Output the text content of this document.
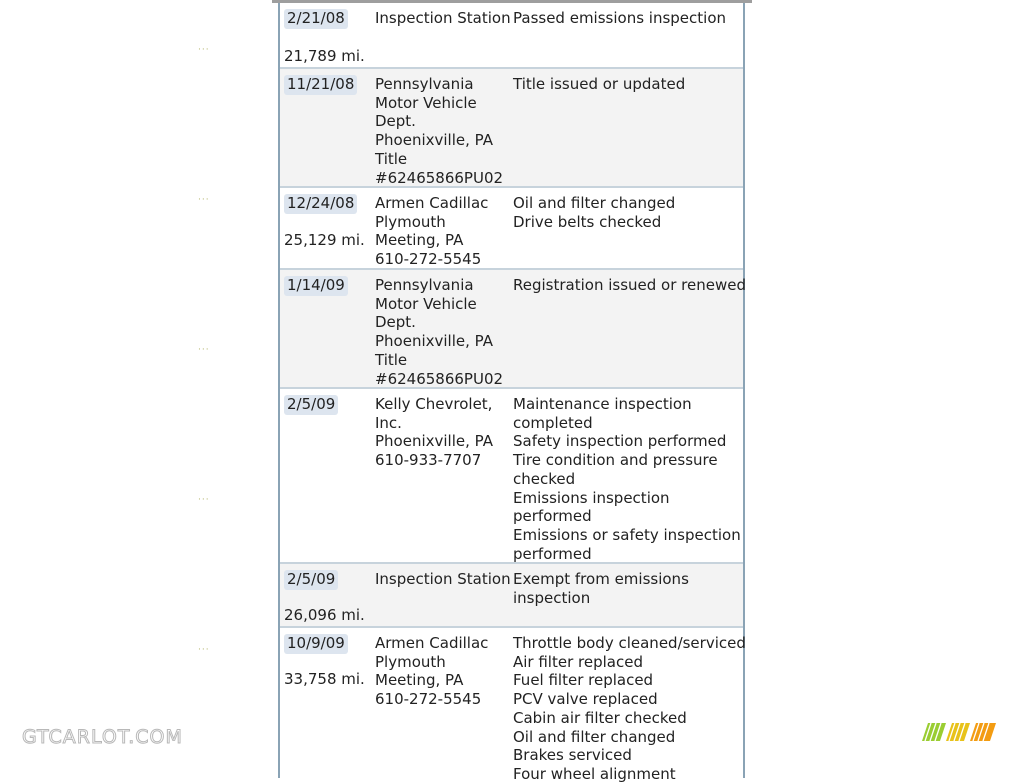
2/21/08
21,789 mi.
Inspection Station Passed emissions inspection
11/21/08 Pennsylvania
Motor Vehicle
Dept.
Phoenixville, PA
Title
#62465866PU02
Title issued or updated
12/24/08
25,129 mi.
Armen Cadillac
Plymouth
Meeting, PA
610-272-5545
Oil and filter changed
Drive belts checked
1/14/09 Pennsylvania
Motor Vehicle
Dept.
Phoenixville, PA
Title
#62465866PU02
Registration issued or renewed
2/5/09	Kelly Chevrolet,
Inc.
Phoenixville, PA
610-933-7707
Maintenance inspection
completed
Safety inspection performed
Tire condition and pressure
checked
Emissions inspection
performed
Emissions or safety inspection
performed
2/5/09
26,096 mi.
Inspection Station Exempt from emissions
inspection
10/9/09
33,758 mi.
Armen Cadillac
Plymouth
Meeting, PA
610-272-5545
Throttle body cleaned/serviced
Air filter replaced
Fuel filter replaced
PCV valve replaced
Cabin air filter checked
Oil and filter changed
Brakes serviced
Four wheel alignment
···
···
···
···
···
GTCARLOT.COM
